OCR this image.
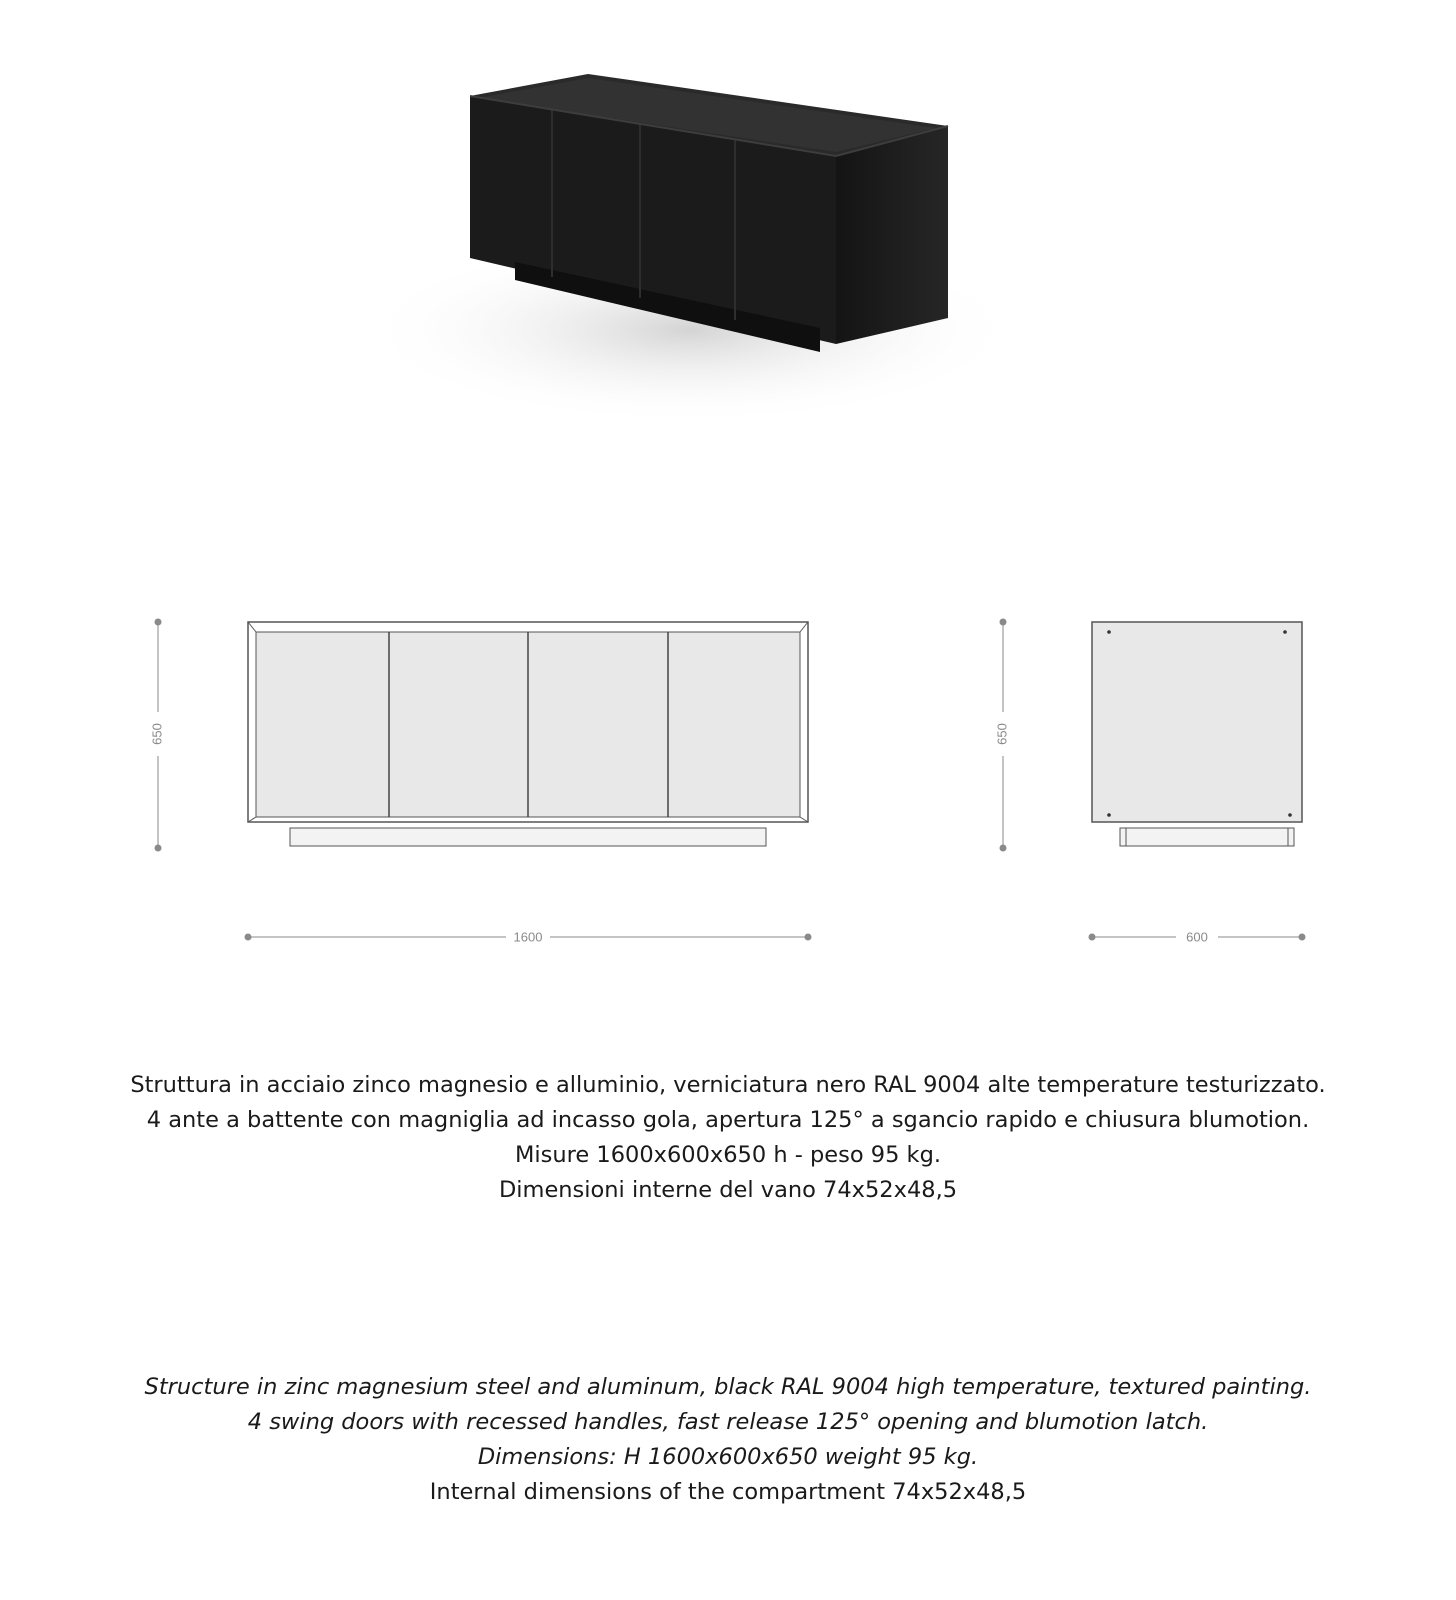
650
1600
650
600
Struttura in acciaio zinco magnesio e alluminio, verniciatura nero RAL 9004 alte temperature testurizzato.
4 ante a battente con magniglia ad incasso gola, apertura 125° a sgancio rapido e chiusura blumotion.
Misure 1600x600x650 h - peso 95 kg.
Dimensioni interne del vano 74x52x48,5
Structure in zinc magnesium steel and aluminum, black RAL 9004 high temperature, textured painting.
4 swing doors with recessed handles, fast release 125° opening and blumotion latch.
Dimensions: H 1600x600x650 weight 95 kg.
Internal dimensions of the compartment 74x52x48,5
